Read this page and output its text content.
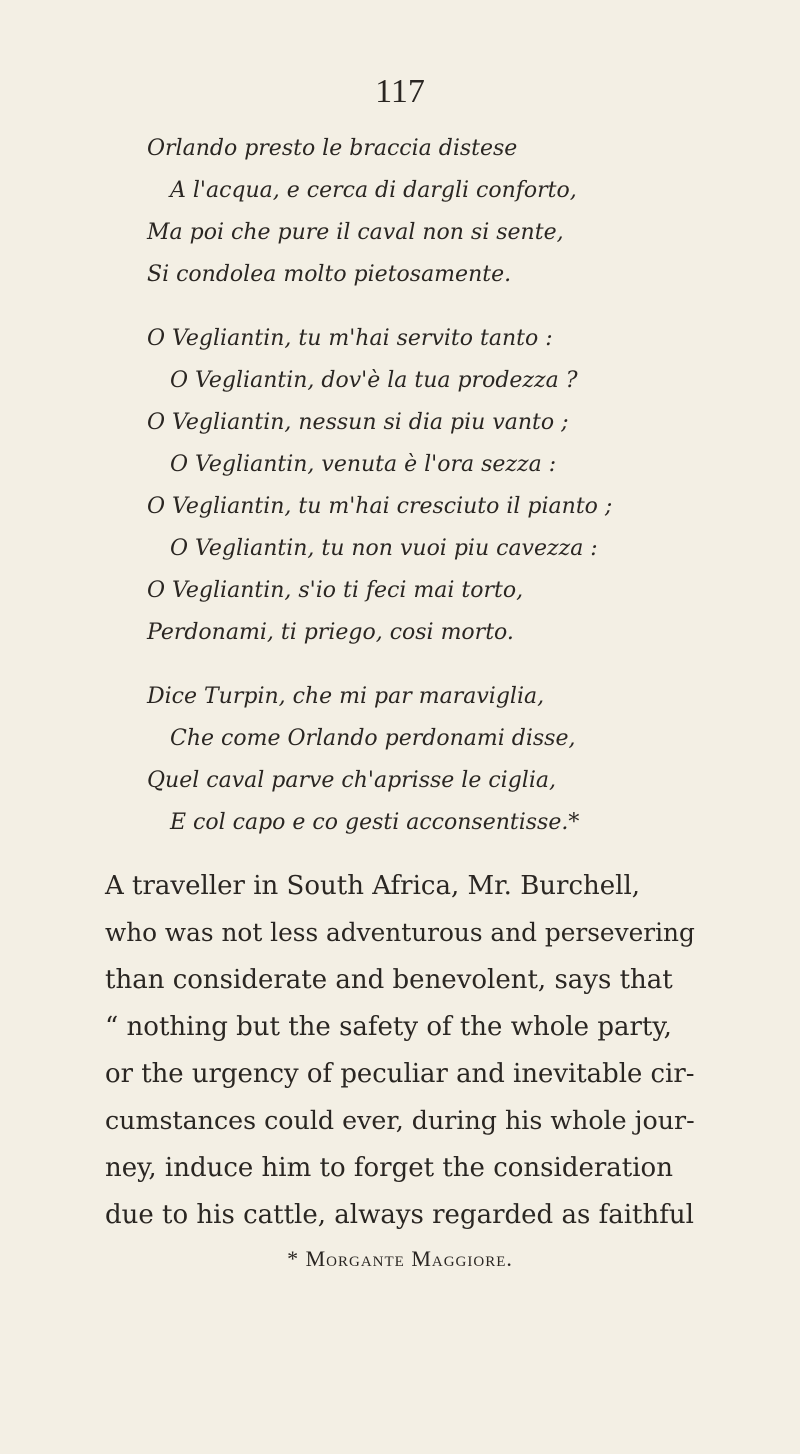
117
Orlando presto le braccia distese
A l'acqua, e cerca di dargli conforto,
Ma poi che pure il caval non si sente,
Si condolea molto pietosamente.
O Vegliantin, tu m'hai servito tanto :
O Vegliantin, dov'è la tua prodezza ?
O Vegliantin, nessun si dia piu vanto ;
O Vegliantin, venuta è l'ora sezza :
O Vegliantin, tu m'hai cresciuto il pianto ;
O Vegliantin, tu non vuoi piu cavezza :
O Vegliantin, s'io ti feci mai torto,
Perdonami, ti priego, cosi morto.
Dice Turpin, che mi par maraviglia,
Che come Orlando perdonami disse,
Quel caval parve ch'aprisse le ciglia,
E col capo e co gesti acconsentisse.*
A traveller in South Africa, Mr. Burchell,
who was not less adventurous and persevering
than considerate and benevolent, says that
“ nothing but the safety of the whole party,
or the urgency of peculiar and inevitable cir-
cumstances could ever, during his whole jour-
ney, induce him to forget the consideration
due to his cattle, always regarded as faithful
* Morgante Maggiore.
